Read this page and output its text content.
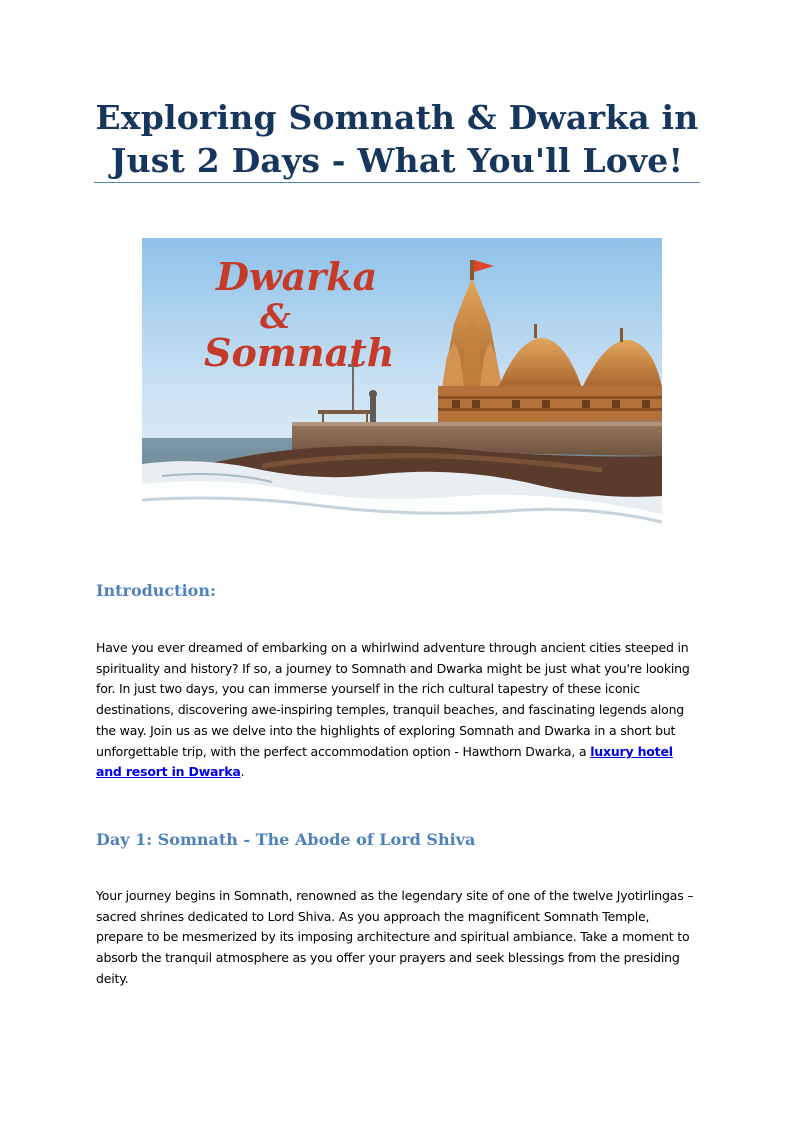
Exploring Somnath & Dwarka in Just 2 Days - What You'll Love!
Dwarka
&
Somnath
Introduction:

Have you ever dreamed of embarking on a whirlwind adventure through ancient cities steeped in spirituality and history? If so, a journey to Somnath and Dwarka might be just what you're looking for. In just two days, you can immerse yourself in the rich cultural tapestry of these iconic destinations, discovering awe-inspiring temples, tranquil beaches, and fascinating legends along the way. Join us as we delve into the highlights of exploring Somnath and Dwarka in a short but unforgettable trip, with the perfect accommodation option - Hawthorn Dwarka, a luxury hotel and resort in Dwarka.

Day 1: Somnath - The Abode of Lord Shiva

Your journey begins in Somnath, renowned as the legendary site of one of the twelve Jyotirlingas – sacred shrines dedicated to Lord Shiva. As you approach the magnificent Somnath Temple, prepare to be mesmerized by its imposing architecture and spiritual ambiance. Take a moment to absorb the tranquil atmosphere as you offer your prayers and seek blessings from the presiding deity.
